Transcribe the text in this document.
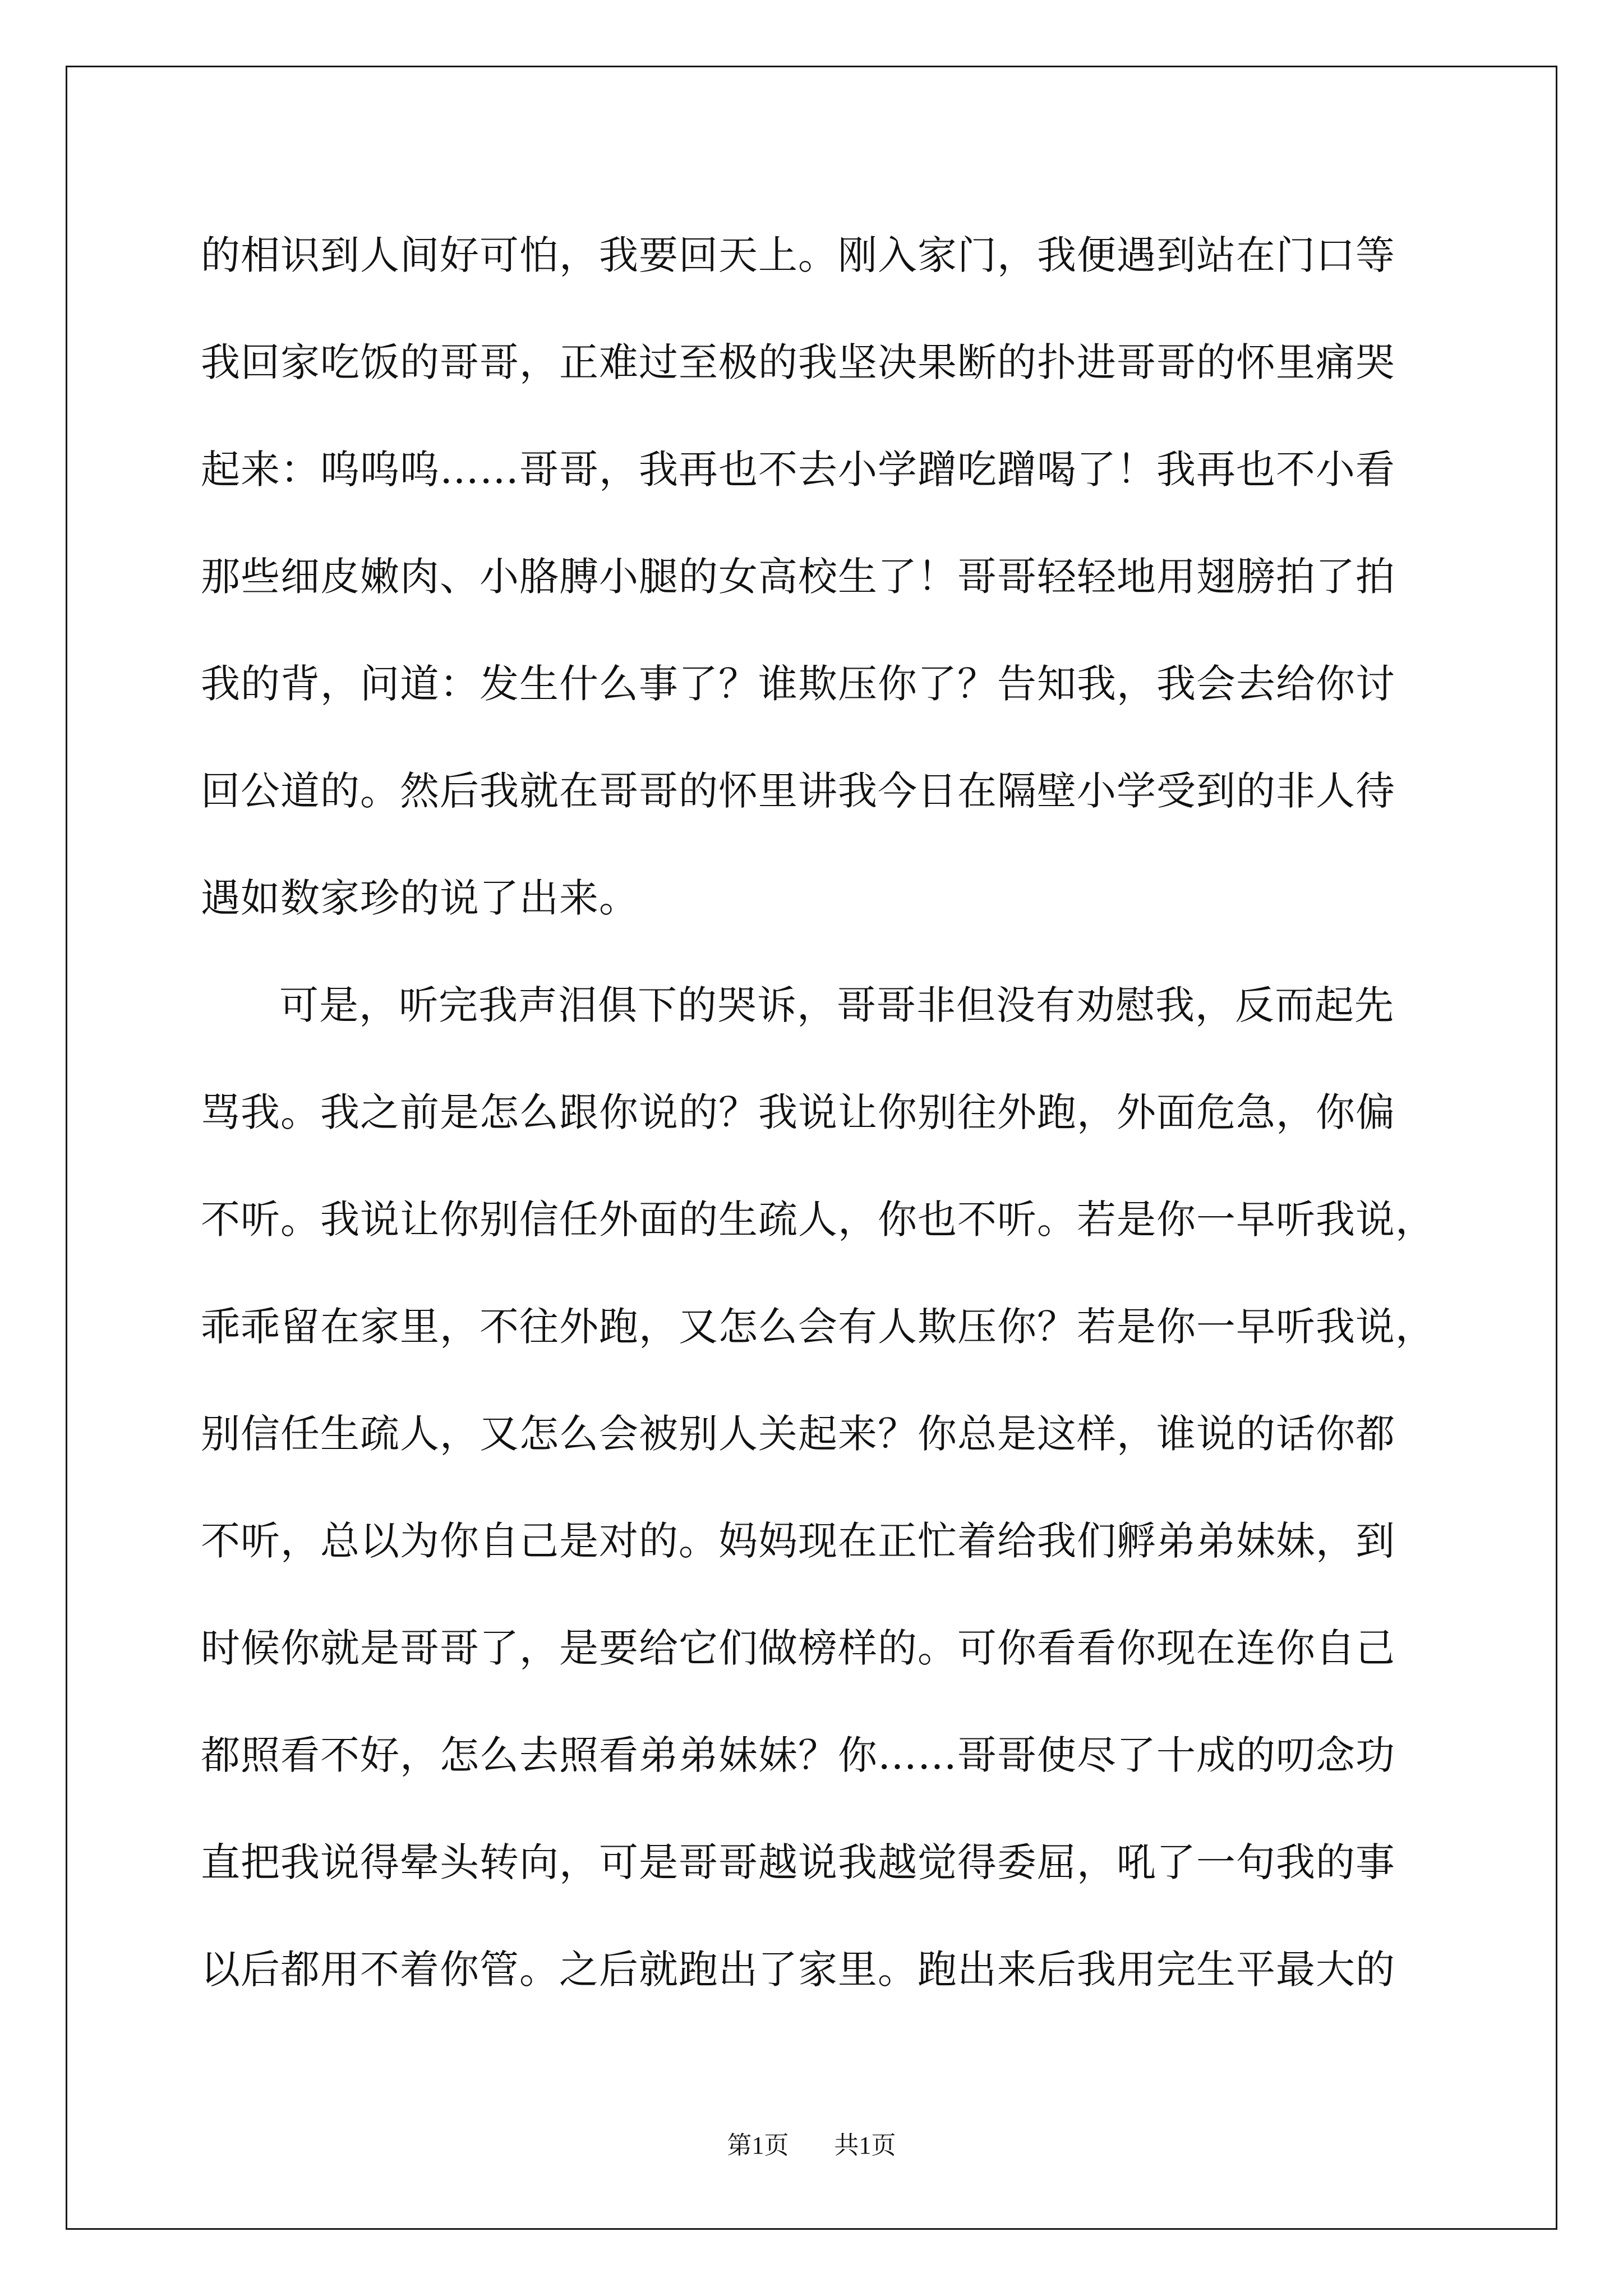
的相识到人间好可怕，我要回天上。刚入家门，我便遇到站在门口等
我回家吃饭的哥哥，正难过至极的我坚决果断的扑进哥哥的怀里痛哭
起来：呜呜呜……哥哥，我再也不去小学蹭吃蹭喝了！我再也不小看
那些细皮嫩肉、小胳膊小腿的女高校生了！哥哥轻轻地用翅膀拍了拍
我的背，问道：发生什么事了？谁欺压你了？告知我，我会去给你讨
回公道的。然后我就在哥哥的怀里讲我今日在隔壁小学受到的非人待
遇如数家珍的说了出来。
可是，听完我声泪俱下的哭诉，哥哥非但没有劝慰我，反而起先
骂我。我之前是怎么跟你说的？我说让你别往外跑，外面危急，你偏
不听。我说让你别信任外面的生疏人，你也不听。若是你一早听我说，
乖乖留在家里，不往外跑，又怎么会有人欺压你？若是你一早听我说，
别信任生疏人，又怎么会被别人关起来？你总是这样，谁说的话你都
不听，总以为你自己是对的。妈妈现在正忙着给我们孵弟弟妹妹，到
时候你就是哥哥了，是要给它们做榜样的。可你看看你现在连你自己
都照看不好，怎么去照看弟弟妹妹？你……哥哥使尽了十成的叨念功
直把我说得晕头转向，可是哥哥越说我越觉得委屈，吼了一句我的事
以后都用不着你管。之后就跑出了家里。跑出来后我用完生平最大的
第1页 共1页
